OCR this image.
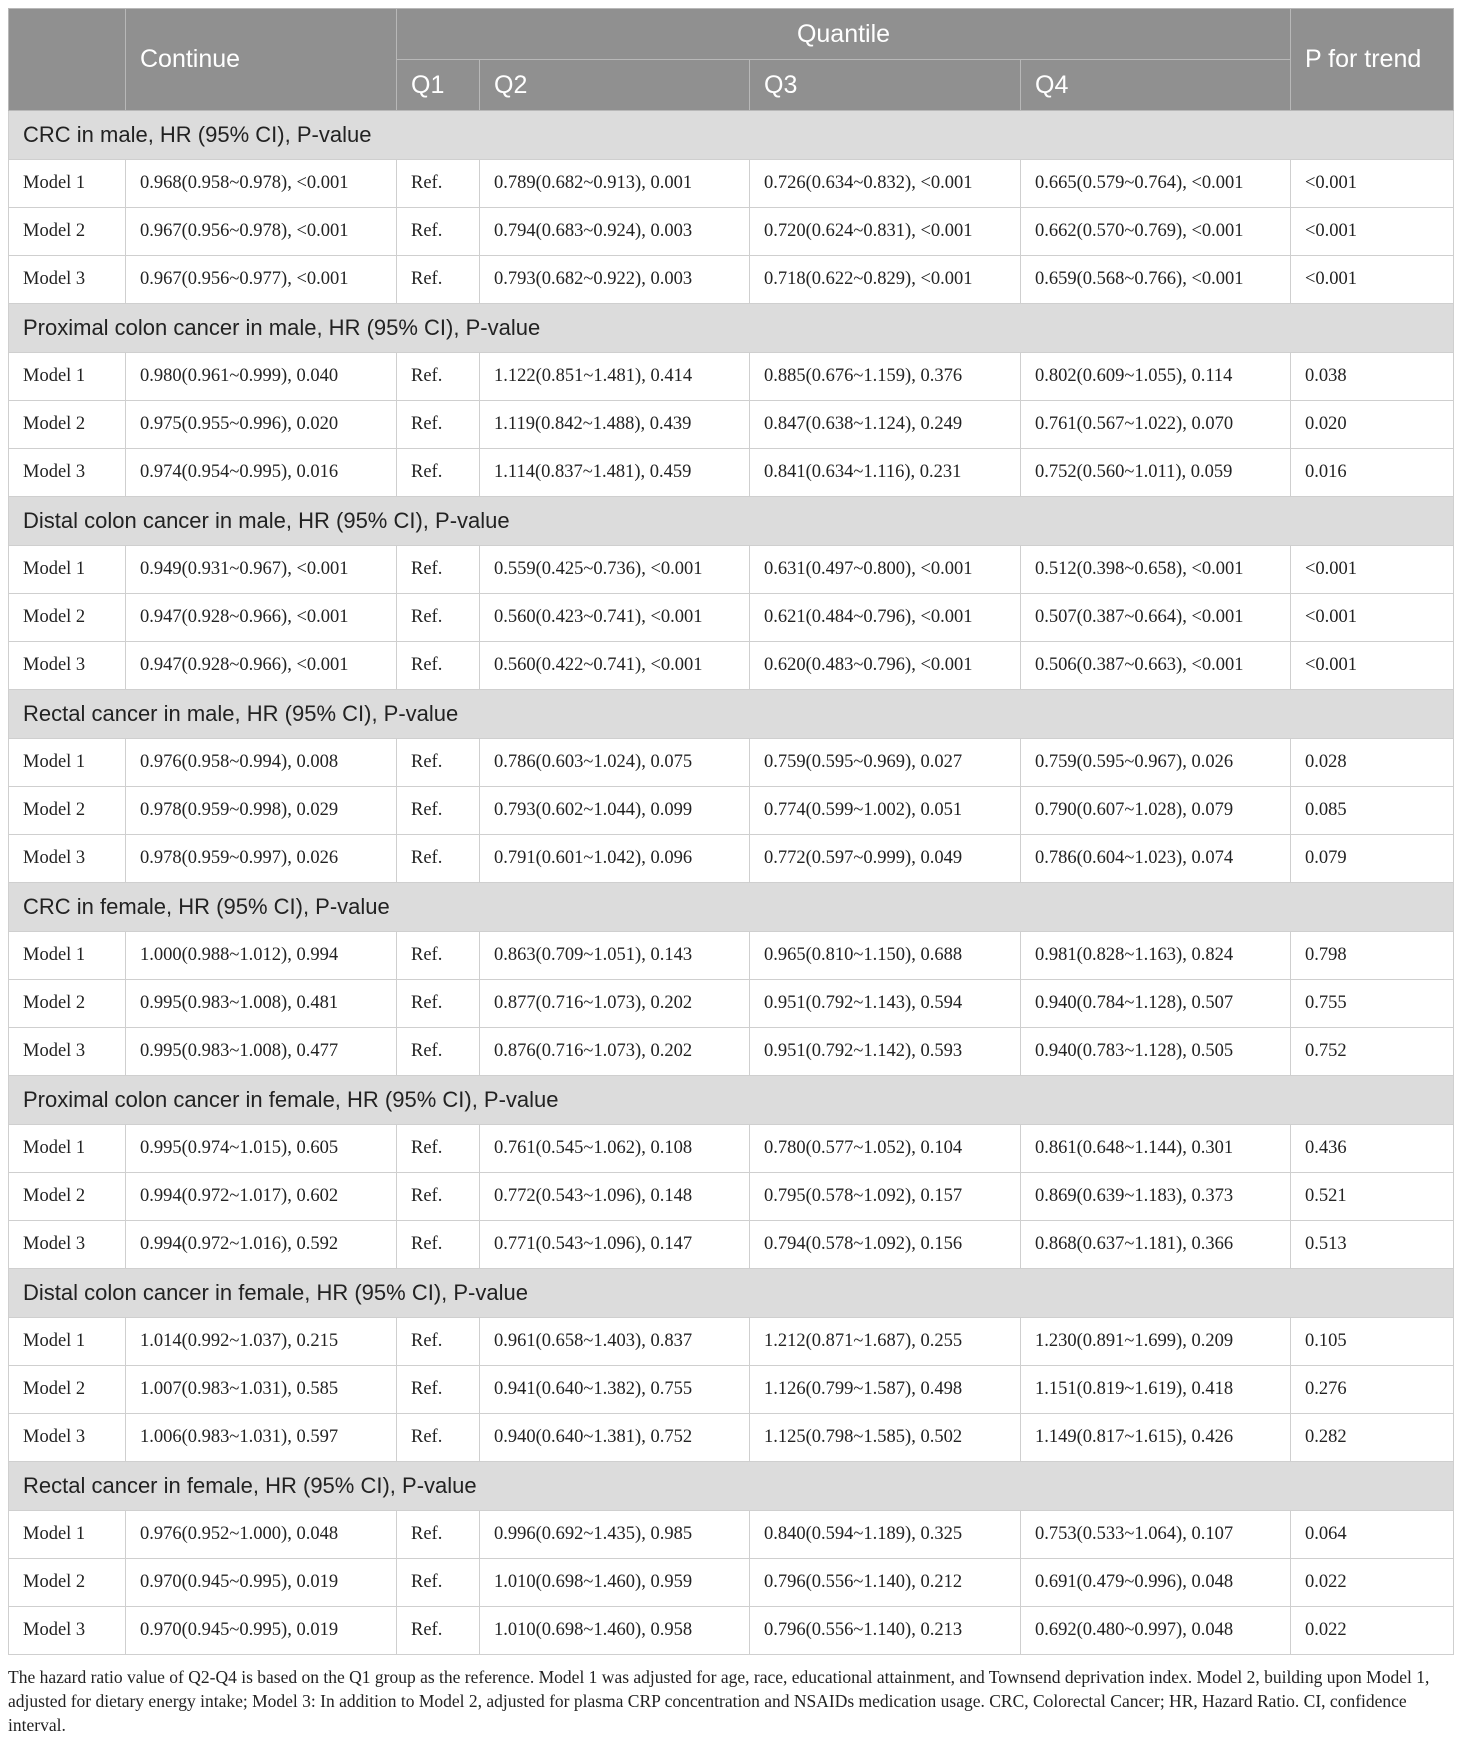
	Continue	Quantile				P for trend
		Q1	Q2	Q3	Q4	
CRC in male, HR (95% CI), P-value						
Model 1	0.968(0.958~0.978), <0.001	Ref.	0.789(0.682~0.913), 0.001	0.726(0.634~0.832), <0.001	0.665(0.579~0.764), <0.001	<0.001
Model 2	0.967(0.956~0.978), <0.001	Ref.	0.794(0.683~0.924), 0.003	0.720(0.624~0.831), <0.001	0.662(0.570~0.769), <0.001	<0.001
Model 3	0.967(0.956~0.977), <0.001	Ref.	0.793(0.682~0.922), 0.003	0.718(0.622~0.829), <0.001	0.659(0.568~0.766), <0.001	<0.001
Proximal colon cancer in male, HR (95% CI), P-value						
Model 1	0.980(0.961~0.999), 0.040	Ref.	1.122(0.851~1.481), 0.414	0.885(0.676~1.159), 0.376	0.802(0.609~1.055), 0.114	0.038
Model 2	0.975(0.955~0.996), 0.020	Ref.	1.119(0.842~1.488), 0.439	0.847(0.638~1.124), 0.249	0.761(0.567~1.022), 0.070	0.020
Model 3	0.974(0.954~0.995), 0.016	Ref.	1.114(0.837~1.481), 0.459	0.841(0.634~1.116), 0.231	0.752(0.560~1.011), 0.059	0.016
Distal colon cancer in male, HR (95% CI), P-value						
Model 1	0.949(0.931~0.967), <0.001	Ref.	0.559(0.425~0.736), <0.001	0.631(0.497~0.800), <0.001	0.512(0.398~0.658), <0.001	<0.001
Model 2	0.947(0.928~0.966), <0.001	Ref.	0.560(0.423~0.741), <0.001	0.621(0.484~0.796), <0.001	0.507(0.387~0.664), <0.001	<0.001
Model 3	0.947(0.928~0.966), <0.001	Ref.	0.560(0.422~0.741), <0.001	0.620(0.483~0.796), <0.001	0.506(0.387~0.663), <0.001	<0.001
Rectal cancer in male, HR (95% CI), P-value						
Model 1	0.976(0.958~0.994), 0.008	Ref.	0.786(0.603~1.024), 0.075	0.759(0.595~0.969), 0.027	0.759(0.595~0.967), 0.026	0.028
Model 2	0.978(0.959~0.998), 0.029	Ref.	0.793(0.602~1.044), 0.099	0.774(0.599~1.002), 0.051	0.790(0.607~1.028), 0.079	0.085
Model 3	0.978(0.959~0.997), 0.026	Ref.	0.791(0.601~1.042), 0.096	0.772(0.597~0.999), 0.049	0.786(0.604~1.023), 0.074	0.079
CRC in female, HR (95% CI), P-value						
Model 1	1.000(0.988~1.012), 0.994	Ref.	0.863(0.709~1.051), 0.143	0.965(0.810~1.150), 0.688	0.981(0.828~1.163), 0.824	0.798
Model 2	0.995(0.983~1.008), 0.481	Ref.	0.877(0.716~1.073), 0.202	0.951(0.792~1.143), 0.594	0.940(0.784~1.128), 0.507	0.755
Model 3	0.995(0.983~1.008), 0.477	Ref.	0.876(0.716~1.073), 0.202	0.951(0.792~1.142), 0.593	0.940(0.783~1.128), 0.505	0.752
Proximal colon cancer in female, HR (95% CI), P-value						
Model 1	0.995(0.974~1.015), 0.605	Ref.	0.761(0.545~1.062), 0.108	0.780(0.577~1.052), 0.104	0.861(0.648~1.144), 0.301	0.436
Model 2	0.994(0.972~1.017), 0.602	Ref.	0.772(0.543~1.096), 0.148	0.795(0.578~1.092), 0.157	0.869(0.639~1.183), 0.373	0.521
Model 3	0.994(0.972~1.016), 0.592	Ref.	0.771(0.543~1.096), 0.147	0.794(0.578~1.092), 0.156	0.868(0.637~1.181), 0.366	0.513
Distal colon cancer in female, HR (95% CI), P-value						
Model 1	1.014(0.992~1.037), 0.215	Ref.	0.961(0.658~1.403), 0.837	1.212(0.871~1.687), 0.255	1.230(0.891~1.699), 0.209	0.105
Model 2	1.007(0.983~1.031), 0.585	Ref.	0.941(0.640~1.382), 0.755	1.126(0.799~1.587), 0.498	1.151(0.819~1.619), 0.418	0.276
Model 3	1.006(0.983~1.031), 0.597	Ref.	0.940(0.640~1.381), 0.752	1.125(0.798~1.585), 0.502	1.149(0.817~1.615), 0.426	0.282
Rectal cancer in female, HR (95% CI), P-value						
Model 1	0.976(0.952~1.000), 0.048	Ref.	0.996(0.692~1.435), 0.985	0.840(0.594~1.189), 0.325	0.753(0.533~1.064), 0.107	0.064
Model 2	0.970(0.945~0.995), 0.019	Ref.	1.010(0.698~1.460), 0.959	0.796(0.556~1.140), 0.212	0.691(0.479~0.996), 0.048	0.022
Model 3	0.970(0.945~0.995), 0.019	Ref.	1.010(0.698~1.460), 0.958	0.796(0.556~1.140), 0.213	0.692(0.480~0.997), 0.048	0.022
The hazard ratio value of Q2-Q4 is based on the Q1 group as the reference. Model 1 was adjusted for age, race, educational attainment, and Townsend deprivation index. Model 2, building upon Model 1, adjusted for dietary energy intake; Model 3: In addition to Model 2, adjusted for plasma CRP concentration and NSAIDs medication usage. CRC, Colorectal Cancer; HR, Hazard Ratio. CI, confidence interval.
